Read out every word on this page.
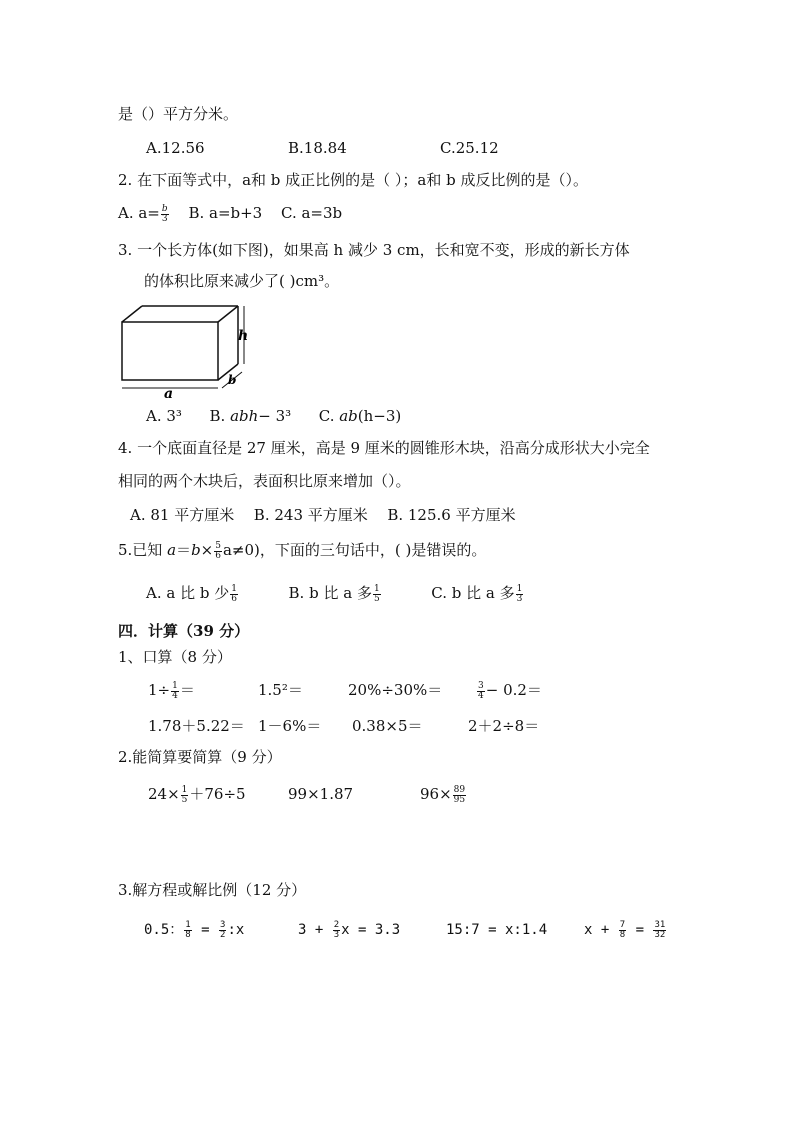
是（）平方分米。
A.12.56	B.18.84	C.25.12
2. 在下面等式中，a和 b 成正比例的是（ ）；a和 b 成反比例的是（）。
A. $a= \frac{b}{3} B$. a=b+3 C. a=3b
3. 一个长方体(如下图)，如果高 h 减少 3 cm，长和宽不变，形成的新长方体
的体积比原来减少了( )cm³。
a
h
b
A. 3³ B. abh− 3³ C. ab(h−3)
4. 一个底面直径是 27 厘米，高是 9 厘米的圆锥形木块，沿高分成形状大小完全
相同的两个木块后，表面积比原来增加（）。
A. 81 平方厘米 B. 243 平方厘米 B. 125.6 平方厘米
5.已知 $a=b\times \frac{5}{6} a\ne 0$)，下面的三句话中，( )是错误的。
A. a 比 b 少 $\frac{1}{6}$	B. b 比 a 多 $\frac{1}{5}$	C. b 比 a 多 $\frac{1}{3}$
四．计算（39 分）
1、口算（8 分）
$1\div \frac{1}{4}$ ＝	1.5²＝	20%÷30%＝	$\frac{3}{4} - 0.2=$
1.78＋5.22＝ 1－6%＝ 0.38×5＝	2＋2÷8＝
2.能简算要简算（9 分）
$24\times \frac{1}{5} +76\div 5$	99×1.87	$96\times \frac{89}{95}$
3.解方程或解比例（12 分）
0.5： $\frac{1}{8} = \frac{3}{2}$ :x	$3 + \frac{2}{3}$ x = 3.3	15:7 = x:1.4	$x + \frac{7}{8} = \frac{31}{32}$
